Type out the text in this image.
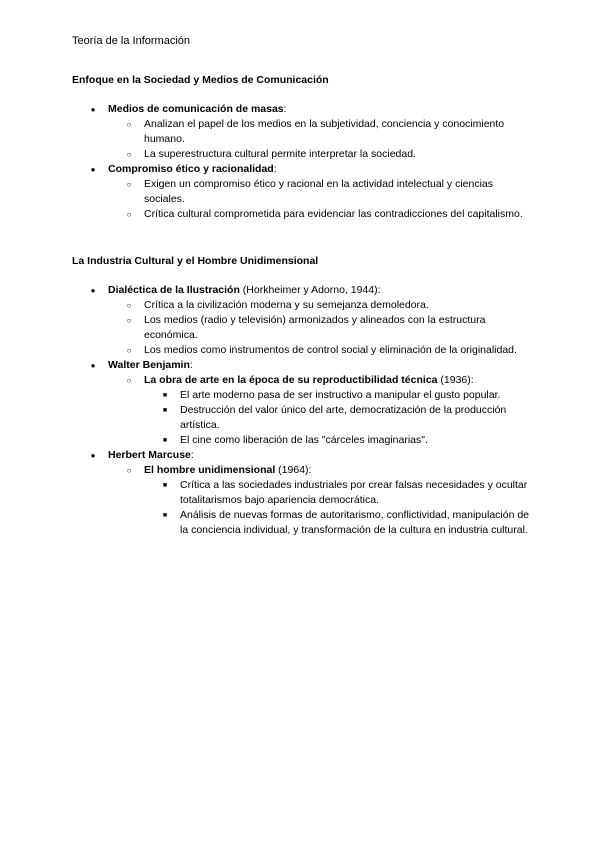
Teoría de la Información
Enfoque en la Sociedad y Medios de Comunicación
●	Medios de comunicación de masas:
○	Analizan el papel de los medios en la subjetividad, conciencia y conocimiento humano.
○	La superestructura cultural permite interpretar la sociedad.
●	Compromiso ético y racionalidad:
○	Exigen un compromiso ético y racional en la actividad intelectual y ciencias sociales.
○	Crítica cultural comprometida para evidenciar las contradicciones del capitalismo.
La Industria Cultural y el Hombre Unidimensional
●	Dialéctica de la Ilustración (Horkheimer y Adorno, 1944):
○	Crítica a la civilización moderna y su semejanza demoledora.
○	Los medios (radio y televisión) armonizados y alineados con la estructura económica.
○	Los medios como instrumentos de control social y eliminación de la originalidad.
●	Walter Benjamin:
○	La obra de arte en la época de su reproductibilidad técnica (1936):
■	El arte moderno pasa de ser instructivo a manipular el gusto popular.
■	Destrucción del valor único del arte, democratización de la producción artística.
■	El cine como liberación de las "cárceles imaginarias".
●	Herbert Marcuse:
○	El hombre unidimensional (1964):
■	Crítica a las sociedades industriales por crear falsas necesidades y ocultar totalitarismos bajo apariencia democrática.
■	Análisis de nuevas formas de autoritarismo, conflictividad, manipulación de la conciencia individual, y transformación de la cultura en industria cultural.
